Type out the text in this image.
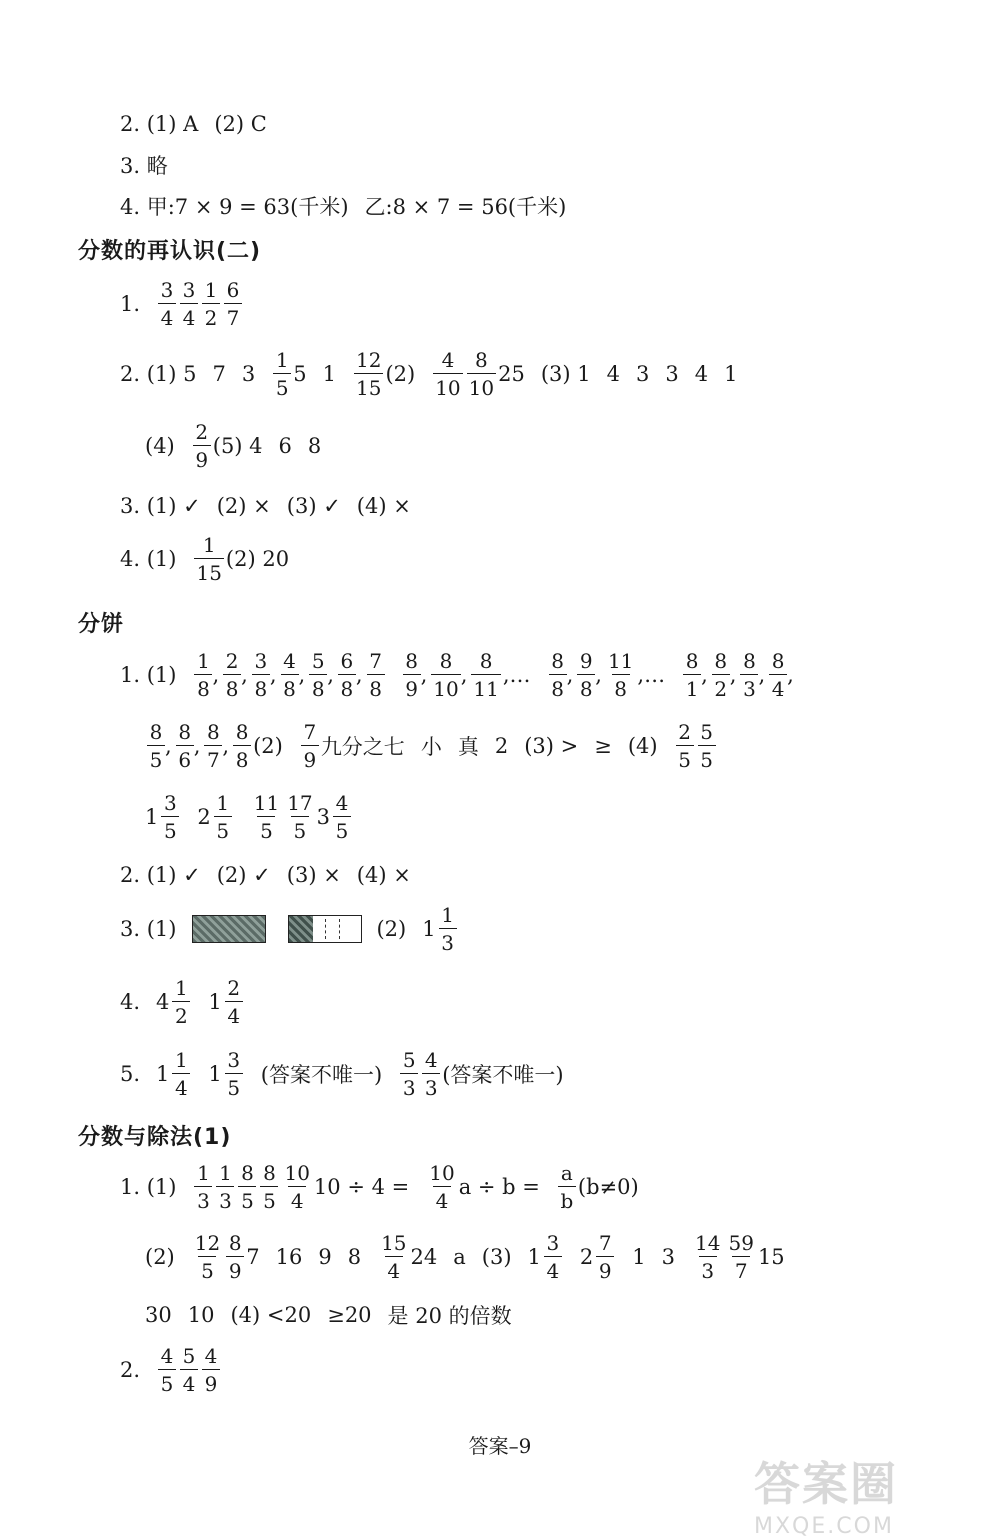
2. (1) A (2) C
3. 略
4. 甲:7 × 9 = 63(千米) 乙:8 × 7 = 56(千米)
分数的再认识(二)
1. $\frac{3}{4} \frac{3}{4} \frac{1}{2} \frac{6}{7}$
2. (1) 5 7 $3 \frac{1}{5} 5$ $1 \frac{12}{15} (2) \frac{4}{10} \frac{8}{10} 25$ (3) 1 4 3 3 4 1
$(4) \frac{2}{9} (5)$ 4 6 8
3. (1) ✓ (2) × (3) ✓ (4) ×
4. $(1) \frac{1}{15} (2)$ 20
分饼
1. $(1) \frac{1}{8}$ , $\frac{2}{8}$ , $\frac{3}{8}$ , $\frac{4}{8}$ , $\frac{5}{8}$ , $\frac{6}{8}$ , $\frac{7}{8} \frac{8}{9}$ , $\frac{8}{10}$ , $\frac{8}{11}$ ,… $\frac{8}{8}$ , $\frac{9}{8}$ , $\frac{11}{8}$ ,… $\frac{8}{1}$ , $\frac{8}{2}$ , $\frac{8}{3}$ , $\frac{8}{4}$ ,
$\frac{8}{5}$ , $\frac{8}{6}$ , $\frac{8}{7}$ , $\frac{8}{8} (2) \frac{7}{9}$ 九分之七 小 真 2 (3) > ≥ $(4) \frac{2}{5} \frac{5}{5}$
$1 \frac{3}{5} 2 \frac{1}{5} \frac{11}{5} \frac{17}{5} 3 \frac{4}{5}$
2. (1) ✓ (2) ✓ (3) × (4) ×
3. (1)	(2) $1 \frac{1}{3}$
4. $4 \frac{1}{2} 1 \frac{2}{4}$
5. $1 \frac{1}{4} 1 \frac{3}{5}$ (答案不唯一) $\frac{5}{3} \frac{4}{3}$ (答案不唯一)
分数与除法(1)
1. $(1) \frac{1}{3} \frac{1}{3} \frac{8}{5} \frac{8}{5} \frac{10}{4} 10 \div 4 = \frac{10}{4}$ $a \div b = \frac{a}{b} (b\ne 0)$
$(2) \frac{12}{5} \frac{8}{9} 7$ 16 9 $8 \frac{15}{4} 24$ a (3) $1 \frac{3}{4} 2 \frac{7}{9} 1$ $3 \frac{14}{3} \frac{59}{7} 15$
30 10 (4) <20 ≥20 是 20 的倍数
2. $\frac{4}{5} \frac{5}{4} \frac{4}{9}$
答案–9
答案圈
MXQE.COM
